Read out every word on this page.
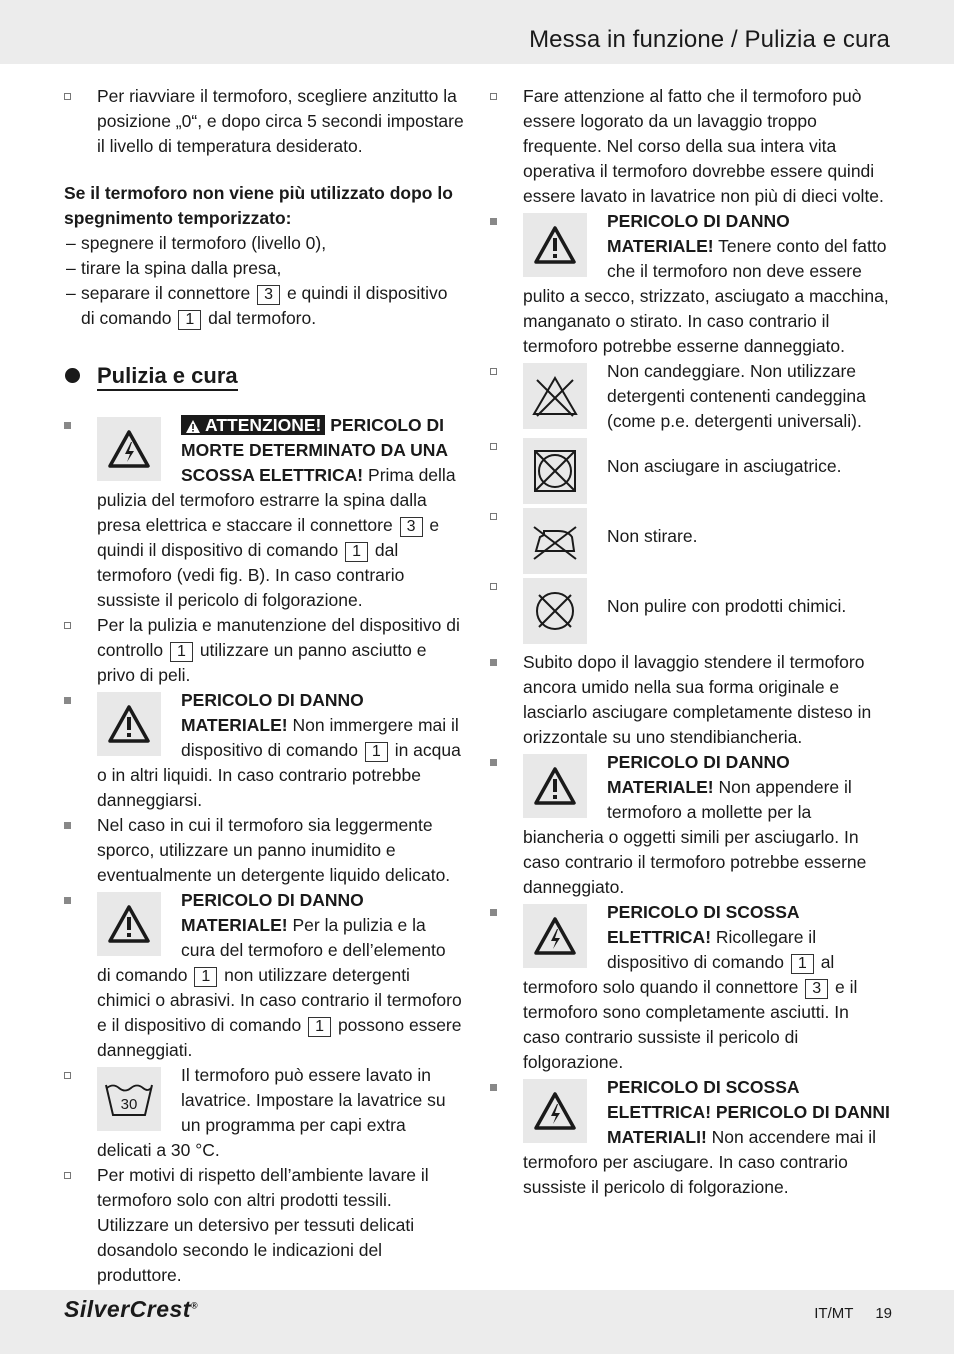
Messa in funzione / Pulizia e cura
Per riavviare il termoforo, scegliere anzitutto la posizione „0“, e dopo circa 5 secondi impostare il livello di temperatura desiderato.

Se il termoforo non viene più utilizzato dopo lo spegnimento temporizzato:

– spegnere il termoforo (livello 0),
– tirare la spina dalla presa,
– separare il connettore 3 e quindi il dispositivo di comando 1 dal termoforo.
Pulizia e cura
ATTENZIONE! PERICOLO DI MORTE DETERMINATO DA UNA SCOSSA ELETTRICA! Prima della pulizia del termoforo estrarre la spina dalla presa elettrica e staccare il connettore 3 e quindi il dispositivo di comando 1 dal termoforo (vedi fig. B). In caso contrario sussiste il pericolo di folgorazione.
Per la pulizia e manutenzione del dispositivo di controllo 1 utilizzare un panno asciutto e privo di peli.
PERICOLO DI DANNO MATERIALE! Non immergere mai il dispositivo di comando 1 in acqua o in altri liquidi. In caso contrario potrebbe danneggiarsi.
Nel caso in cui il termoforo sia leggermente sporco, utilizzare un panno inumidito e eventualmente un detergente liquido delicato.
PERICOLO DI DANNO MATERIALE! Per la pulizia e la cura del termoforo e dell’elemento di comando 1 non utilizzare detergenti chimici o abrasivi. In caso contrario il termoforo e il dispositivo di comando 1 possono essere danneggiati.
30
Il termoforo può essere lavato in lavatrice. Impostare la lavatrice su un programma per capi extra delicati a 30 °C.
Per motivi di rispetto dell’ambiente lavare il termoforo solo con altri prodotti tessili. Utilizzare un detersivo per tessuti delicati dosandolo secondo le indicazioni del produttore.
Fare attenzione al fatto che il termoforo può essere logorato da un lavaggio troppo frequente. Nel corso della sua intera vita operativa il termoforo dovrebbe essere quindi essere lavato in lavatrice non più di dieci volte.
PERICOLO DI DANNO MATERIALE! Tenere conto del fatto che il termoforo non deve essere pulito a secco, strizzato, asciugato a macchina, manganato o stirato. In caso contrario il termoforo potrebbe esserne danneggiato.
Non candeggiare. Non utilizzare detergenti contenenti candeggina (come p.e. detergenti universali).
Non asciugare in asciugatrice.
Non stirare.
Non pulire con prodotti chimici.
Subito dopo il lavaggio stendere il termoforo ancora umido nella sua forma originale e lasciarlo asciugare completamente disteso in orizzontale su uno stendibiancheria.
PERICOLO DI DANNO MATERIALE! Non appendere il termoforo a mollette per la biancheria o oggetti simili per asciugarlo. In caso contrario il termoforo potrebbe esserne danneggiato.
PERICOLO DI SCOSSA ELETTRICA! Ricollegare il dispositivo di comando 1 al termoforo solo quando il connettore 3 e il termoforo sono completamente asciutti. In caso contrario sussiste il pericolo di folgorazione.
PERICOLO DI SCOSSA ELETTRICA! PERICOLO DI DANNI MATERIALI! Non accendere mai il termoforo per asciugare. In caso contrario sussiste il pericolo di folgorazione.
SilverCrest®	IT/MT 19
